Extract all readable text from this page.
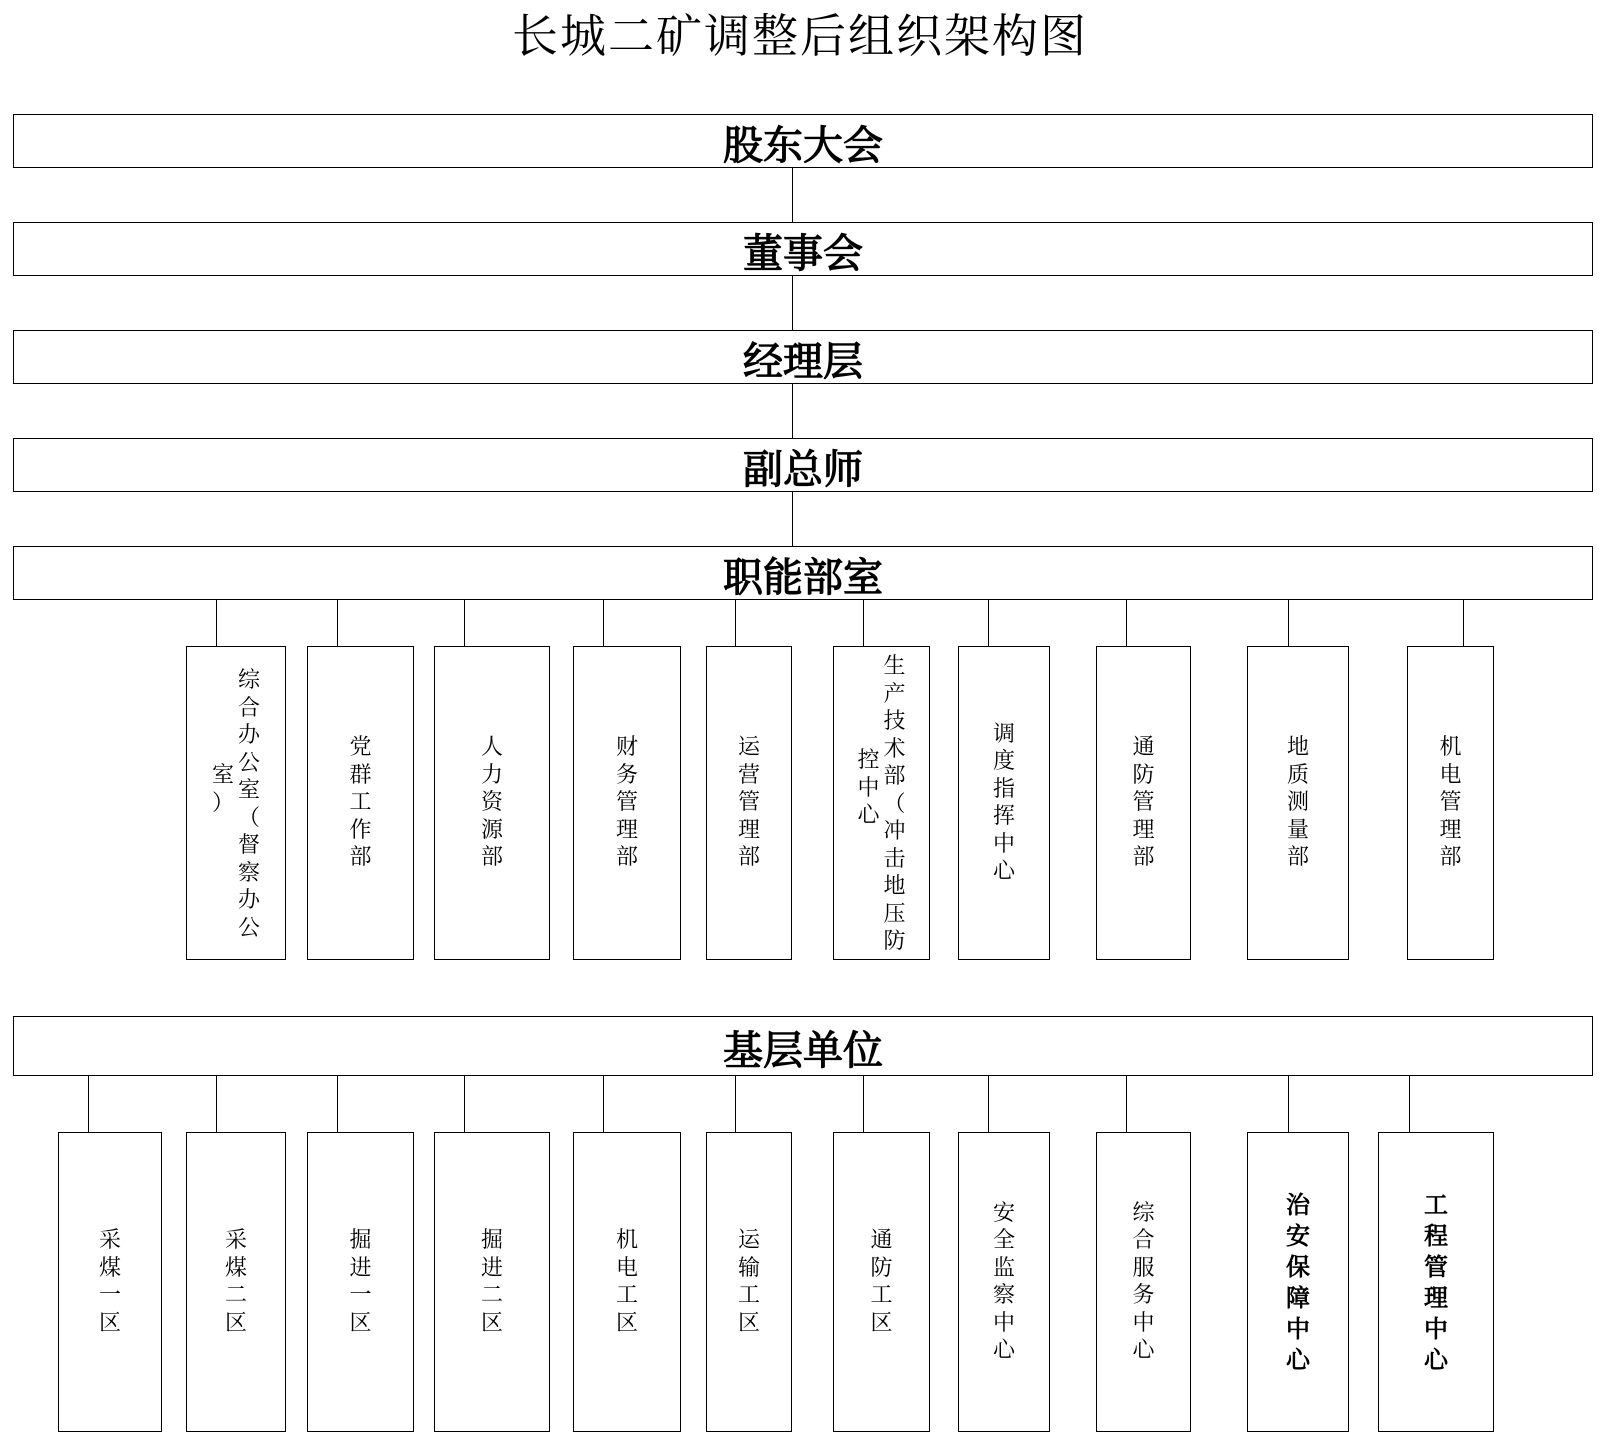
长城二矿调整后组织架构图
股东大会
董事会
经理层
副总师
职能部室
综
合
办
公
室
（
督
察
办
公
室
）
党
群
工
作
部
人
力
资
源
部
财
务
管
理
部
运
营
管
理
部
生
产
技
术
部
（
冲
击
地
压
防
控
中
心
调
度
指
挥
中
心
通
防
管
理
部
地
质
测
量
部
机
电
管
理
部
基层单位
采
煤
一
区
采
煤
二
区
掘
进
一
区
掘
进
二
区
机
电
工
区
运
输
工
区
通
防
工
区
安
全
监
察
中
心
综
合
服
务
中
心
治
安
保
障
中
心
工
程
管
理
中
心
